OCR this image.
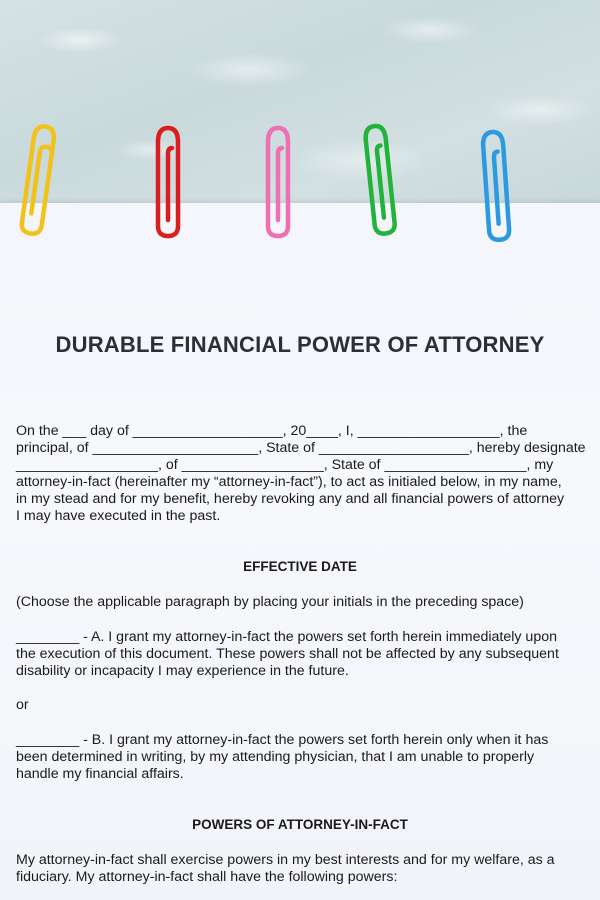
DURABLE FINANCIAL POWER OF ATTORNEY
On the ___ day of ___________________, 20____, I, __________________, the
principal, of _____________________, State of ___________________, hereby designate
__________________, of __________________, State of __________________, my
attorney-in-fact (hereinafter my “attorney-in-fact”), to act as initialed below, in my name,
in my stead and for my benefit, hereby revoking any and all financial powers of attorney
I may have executed in the past.
EFFECTIVE DATE
(Choose the applicable paragraph by placing your initials in the preceding space)
________ - A. I grant my attorney-in-fact the powers set forth herein immediately upon
the execution of this document. These powers shall not be affected by any subsequent
disability or incapacity I may experience in the future.
or
________ - B. I grant my attorney-in-fact the powers set forth herein only when it has
been determined in writing, by my attending physician, that I am unable to properly
handle my financial affairs.
POWERS OF ATTORNEY-IN-FACT
My attorney-in-fact shall exercise powers in my best interests and for my welfare, as a
fiduciary. My attorney-in-fact shall have the following powers:
